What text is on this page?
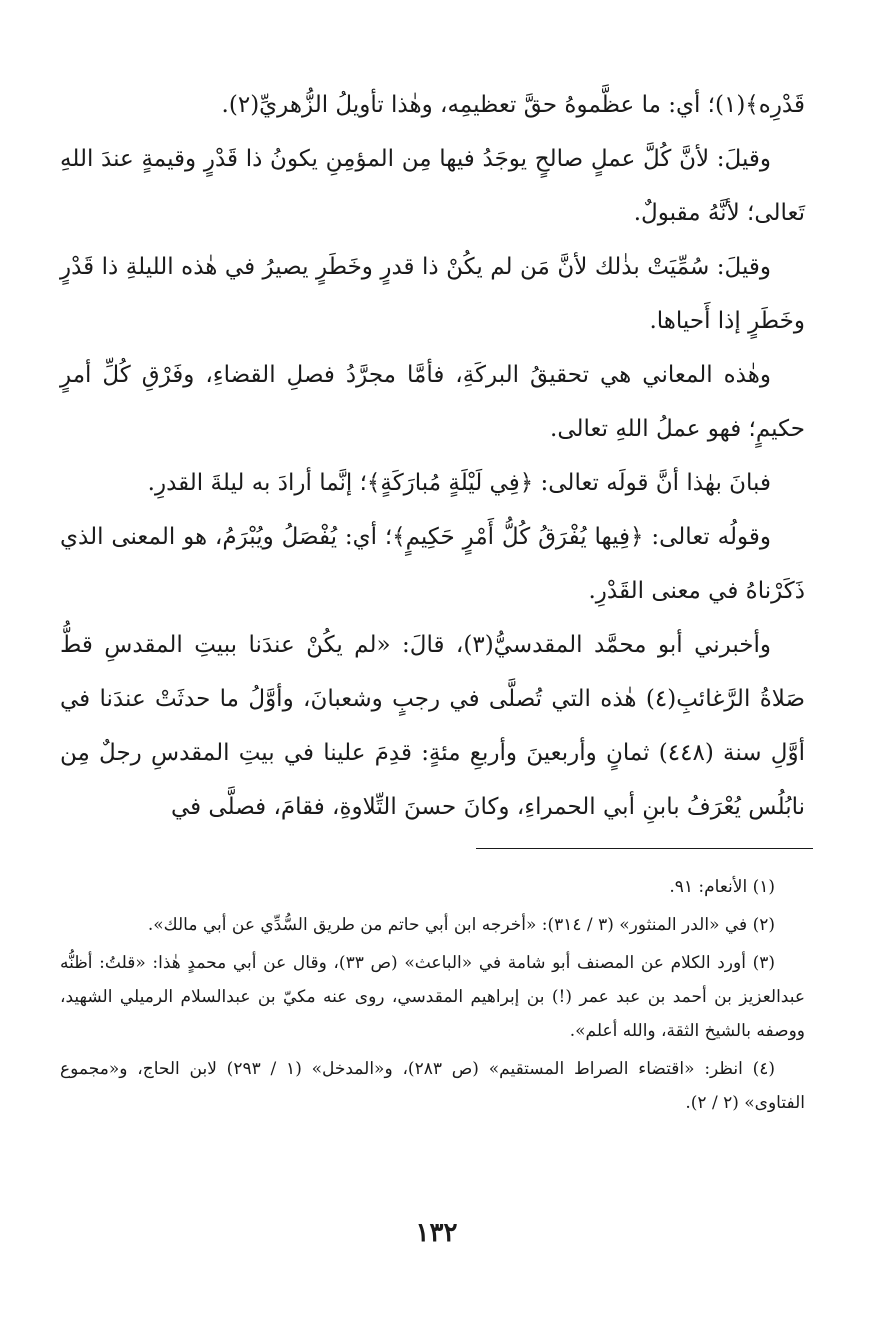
قَدْرِه﴾(١)؛ أي: ما عظَّموهُ حقَّ تعظيمِه، وهٰذا تأويلُ الزُّهريِّ(٢).

وقيلَ: لأنَّ كُلَّ عملٍ صالحٍ يوجَدُ فيها مِن المؤمِنِ يكونُ ذا قَدْرٍ وقيمةٍ عندَ اللهِ تَعالى؛ لأنَّهُ مقبولٌ.

وقيلَ: سُمِّيَتْ بذٰلك لأنَّ مَن لم يكُنْ ذا قدرٍ وخَطَرٍ يصيرُ في هٰذه الليلةِ ذا قَدْرٍ وخَطَرٍ إذا أَحياها.

وهٰذه المعاني هي تحقيقُ البركَةِ، فأمَّا مجرَّدُ فصلِ القضاءِ، وفَرْقِ كُلِّ أمرٍ حكيمٍ؛ فهو عملُ اللهِ تعالى.

فبانَ بهٰذا أنَّ قولَه تعالى: ﴿فِي لَيْلَةٍ مُبارَكَةٍ﴾؛ إنَّما أرادَ به ليلةَ القدرِ.

وقولُه تعالى: ﴿فِيها يُفْرَقُ كُلُّ أَمْرٍ حَكِيمٍ﴾؛ أي: يُفْصَلُ ويُبْرَمُ، هو المعنى الذي ذَكَرْناهُ في معنى القَدْرِ.

وأخبرني أبو محمَّد المقدسيُّ(٣)، قالَ: «لم يكُنْ عندَنا ببيتِ المقدسِ قطُّ صَلاةُ الرَّغائبِ(٤) هٰذه التي تُصلَّى في رجبٍ وشعبانَ، وأوَّلُ ما حدثَتْ عندَنا في أوَّلِ سنة (٤٤٨) ثمانٍ وأربعينَ وأربعِ مئةٍ: قدِمَ علينا في بيتِ المقدسِ رجلٌ مِن نابُلُس يُعْرَفُ بابنِ أبي الحمراءِ، وكانَ حسنَ التِّلاوةِ، فقامَ، فصلَّى في

(١) الأنعام: ٩١.

(٢) في «الدر المنثور» (٣ / ٣١٤): «أخرجه ابن أبي حاتم من طريق السُّدِّي عن أبي مالك».

(٣) أورد الكلام عن المصنف أبو شامة في «الباعث» (ص ٣٣)، وقال عن أبي محمدٍ هٰذا: «قلتُ: أظنُّه عبدالعزيز بن أحمد بن عبد عمر (!) بن إبراهيم المقدسي، روى عنه مكيّ بن عبدالسلام الرميلي الشهيد، ووصفه بالشيخ الثقة، والله أعلم».

(٤) انظر: «اقتضاء الصراط المستقيم» (ص ٢٨٣)، و«المدخل» (١ / ٢٩٣) لابن الحاج، و«مجموع الفتاوى» (٢ / ٢).

١٣٢
